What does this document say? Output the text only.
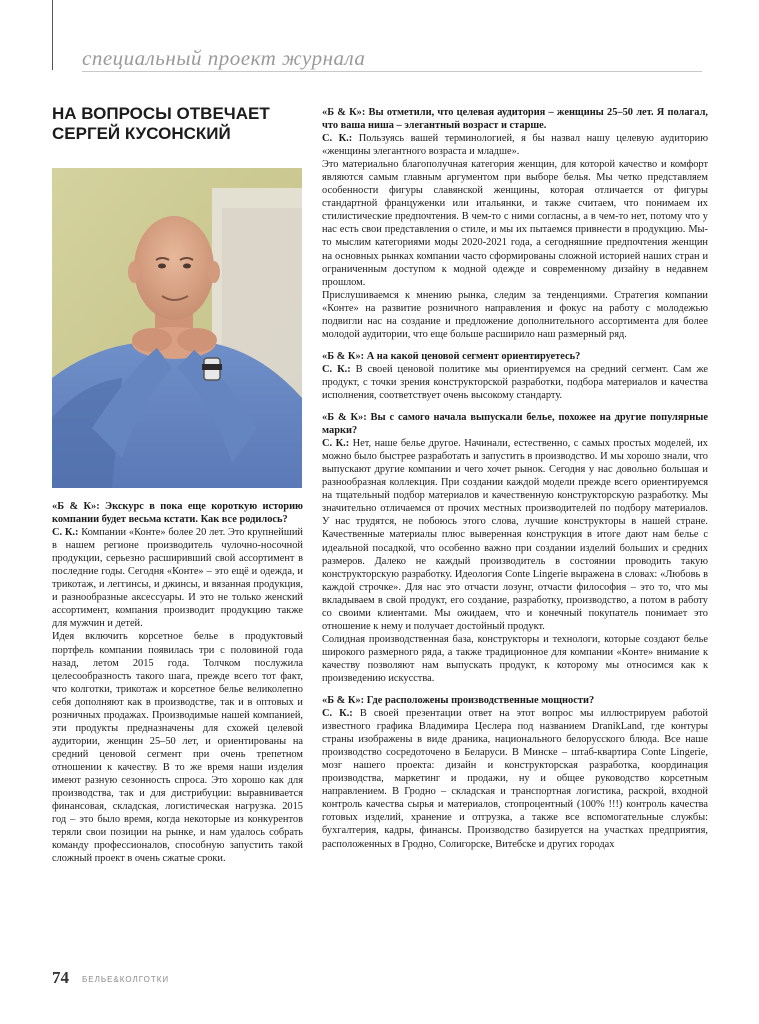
специальный проект журнала
НА ВОПРОСЫ ОТВЕЧАЕТ
СЕРГЕЙ КУСОНСКИЙ

«Б & К»: Экскурс в пока еще короткую историю компании будет весьма кстати. Как все родилось?

С. К.: Компании «Конте» более 20 лет. Это крупнейший в нашем регионе производитель чулочно-носочной продукции, серьезно расширивший свой ассортимент в последние годы. Сегодня «Конте» – это ещё и одежда, и трикотаж, и леггинсы, и джинсы, и вязанная продукция, и разнообразные аксессуары. И это не только женский ассортимент, компания производит продукцию также для мужчин и детей.

Идея включить корсетное белье в продуктовый портфель компании появилась три с половиной года назад, летом 2015 года. Толчком послужила целесообразность такого шага, прежде всего тот факт, что колготки, трикотаж и корсетное белье великолепно себя дополняют как в производстве, так и в оптовых и розничных продажах. Производимые нашей компанией, эти продукты предназначены для схожей целевой аудитории, женщин 25–50 лет, и ориентированы на средний ценовой сегмент при очень трепетном отношении к качеству. В то же время наши изделия имеют разную сезонность спроса. Это хорошо как для производства, так и для дистрибуции: выравнивается финансовая, складская, логистическая нагрузка. 2015 год – это было время, когда некоторые из конкурентов теряли свои позиции на рынке, и нам удалось собрать команду профессионалов, способную запустить такой сложный проект в очень сжатые сроки.

«Б & К»: Вы отметили, что целевая аудитория – женщины 25–50 лет. Я полагал, что ваша ниша – элегантный возраст и старше.

С. К.: Пользуясь вашей терминологией, я бы назвал нашу целевую аудиторию «женщины элегантного возраста и младше».

Это материально благополучная категория женщин, для которой качество и комфорт являются самым главным аргументом при выборе белья. Мы четко представляем особенности фигуры славянской женщины, которая отличается от фигуры стандартной француженки или итальянки, и также считаем, что понимаем их стилистические предпочтения. В чем-то с ними согласны, а в чем-то нет, потому что у нас есть свои представления о стиле, и мы их пытаемся привнести в продукцию. Мы-то мыслим категориями моды 2020-2021 года, а сегодняшние предпочтения женщин на основных рынках компании часто сформированы сложной историей наших стран и ограниченным доступом к модной одежде и современному дизайну в недавнем прошлом.

Прислушиваемся к мнению рынка, следим за тенденциями. Стратегия компании «Конте» на развитие розничного направления и фокус на работу с молодежью подвигли нас на создание и предложение дополнительного ассортимента для более молодой аудитории, что еще больше расширило наш размерный ряд.

«Б & К»: А на какой ценовой сегмент ориентируетесь?

С. К.: В своей ценовой политике мы ориентируемся на средний сегмент. Сам же продукт, с точки зрения конструкторской разработки, подбора материалов и качества исполнения, соответствует очень высокому стандарту.

«Б & К»: Вы с самого начала выпускали белье, похожее на другие популярные марки?

С. К.: Нет, наше белье другое. Начинали, естественно, с самых простых моделей, их можно было быстрее разработать и запустить в производство. И мы хорошо знали, что выпускают другие компании и чего хочет рынок. Сегодня у нас довольно большая и разнообразная коллекция. При создании каждой модели прежде всего ориентируемся на тщательный подбор материалов и качественную конструкторскую разработку. Мы значительно отличаемся от прочих местных производителей по подбору материалов. У нас трудятся, не побоюсь этого слова, лучшие конструкторы в нашей стране. Качественные материалы плюс выверенная конструкция в итоге дают нам белье с идеальной посадкой, что особенно важно при создании изделий больших и средних размеров. Далеко не каждый производитель в состоянии проводить такую конструкторскую разработку. Идеология Conte Lingerie выражена в словах: «Любовь в каждой строчке». Для нас это отчасти лозунг, отчасти философия – это то, что мы вкладываем в свой продукт, его создание, разработку, производство, а потом в работу со своими клиентами. Мы ожидаем, что и конечный покупатель понимает это отношение к нему и получает достойный продукт.

Солидная производственная база, конструкторы и технологи, которые создают белье широкого размерного ряда, а также традиционное для компании «Конте» внимание к качеству позволяют нам выпускать продукт, к которому мы относимся как к произведению искусства.

«Б & К»: Где расположены производственные мощности?

С. К.: В своей презентации ответ на этот вопрос мы иллюстрируем работой известного графика Владимира Цеслера под названием DranikLand, где контуры страны изображены в виде драника, национального белорусского блюда. Все наше производство сосредоточено в Беларуси. В Минске – штаб-квартира Conte Lingerie, мозг нашего проекта: дизайн и конструкторская разработка, координация производства, маркетинг и продажи, ну и общее руководство корсетным направлением. В Гродно – складская и транспортная логистика, раскрой, входной контроль качества сырья и материалов, стопроцентный (100% !!!) контроль качества готовых изделий, хранение и отгрузка, а также все вспомогательные службы: бухгалтерия, кадры, финансы. Производство базируется на участках предприятия, расположенных в Гродно, Солигорске, Витебске и других городах

74 БЕЛЬЕ&КОЛГОТКИ
